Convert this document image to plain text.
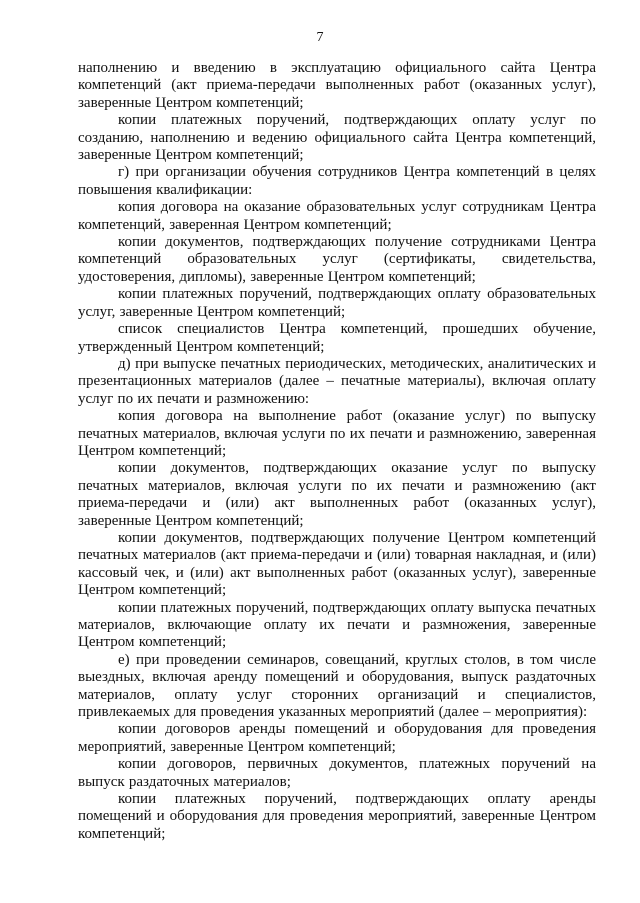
7

наполнению и введению в эксплуатацию официального сайта Центра компетенций (акт приема-передачи выполненных работ (оказанных услуг), заверенные Центром компетенций;

копии платежных поручений, подтверждающих оплату услуг по созданию, наполнению и ведению официального сайта Центра компетенций, заверенные Центром компетенций;

г) при организации обучения сотрудников Центра компетенций в целях повышения квалификации:

копия договора на оказание образовательных услуг сотрудникам Центра компетенций, заверенная Центром компетенций;

копии документов, подтверждающих получение сотрудниками Центра компетенций образовательных услуг (сертификаты, свидетельства, удостоверения, дипломы), заверенные Центром компетенций;

копии платежных поручений, подтверждающих оплату образовательных услуг, заверенные Центром компетенций;

список специалистов Центра компетенций, прошедших обучение, утвержденный Центром компетенций;

д) при выпуске печатных периодических, методических, аналитических и презентационных материалов (далее – печатные материалы), включая оплату услуг по их печати и размножению:

копия договора на выполнение работ (оказание услуг) по выпуску печатных материалов, включая услуги по их печати и размножению, заверенная Центром компетенций;

копии документов, подтверждающих оказание услуг по выпуску печатных материалов, включая услуги по их печати и размножению (акт приема-передачи и (или) акт выполненных работ (оказанных услуг), заверенные Центром компетенций;

копии документов, подтверждающих получение Центром компетенций печатных материалов (акт приема-передачи и (или) товарная накладная, и (или) кассовый чек, и (или) акт выполненных работ (оказанных услуг), заверенные Центром компетенций;

копии платежных поручений, подтверждающих оплату выпуска печатных материалов, включающие оплату их печати и размножения, заверенные Центром компетенций;

е) при проведении семинаров, совещаний, круглых столов, в том числе выездных, включая аренду помещений и оборудования, выпуск раздаточных материалов, оплату услуг сторонних организаций и специалистов, привлекаемых для проведения указанных мероприятий (далее – мероприятия):

копии договоров аренды помещений и оборудования для проведения мероприятий, заверенные Центром компетенций;

копии договоров, первичных документов, платежных поручений на выпуск раздаточных материалов;

копии платежных поручений, подтверждающих оплату аренды помещений и оборудования для проведения мероприятий, заверенные Центром компетенций;
